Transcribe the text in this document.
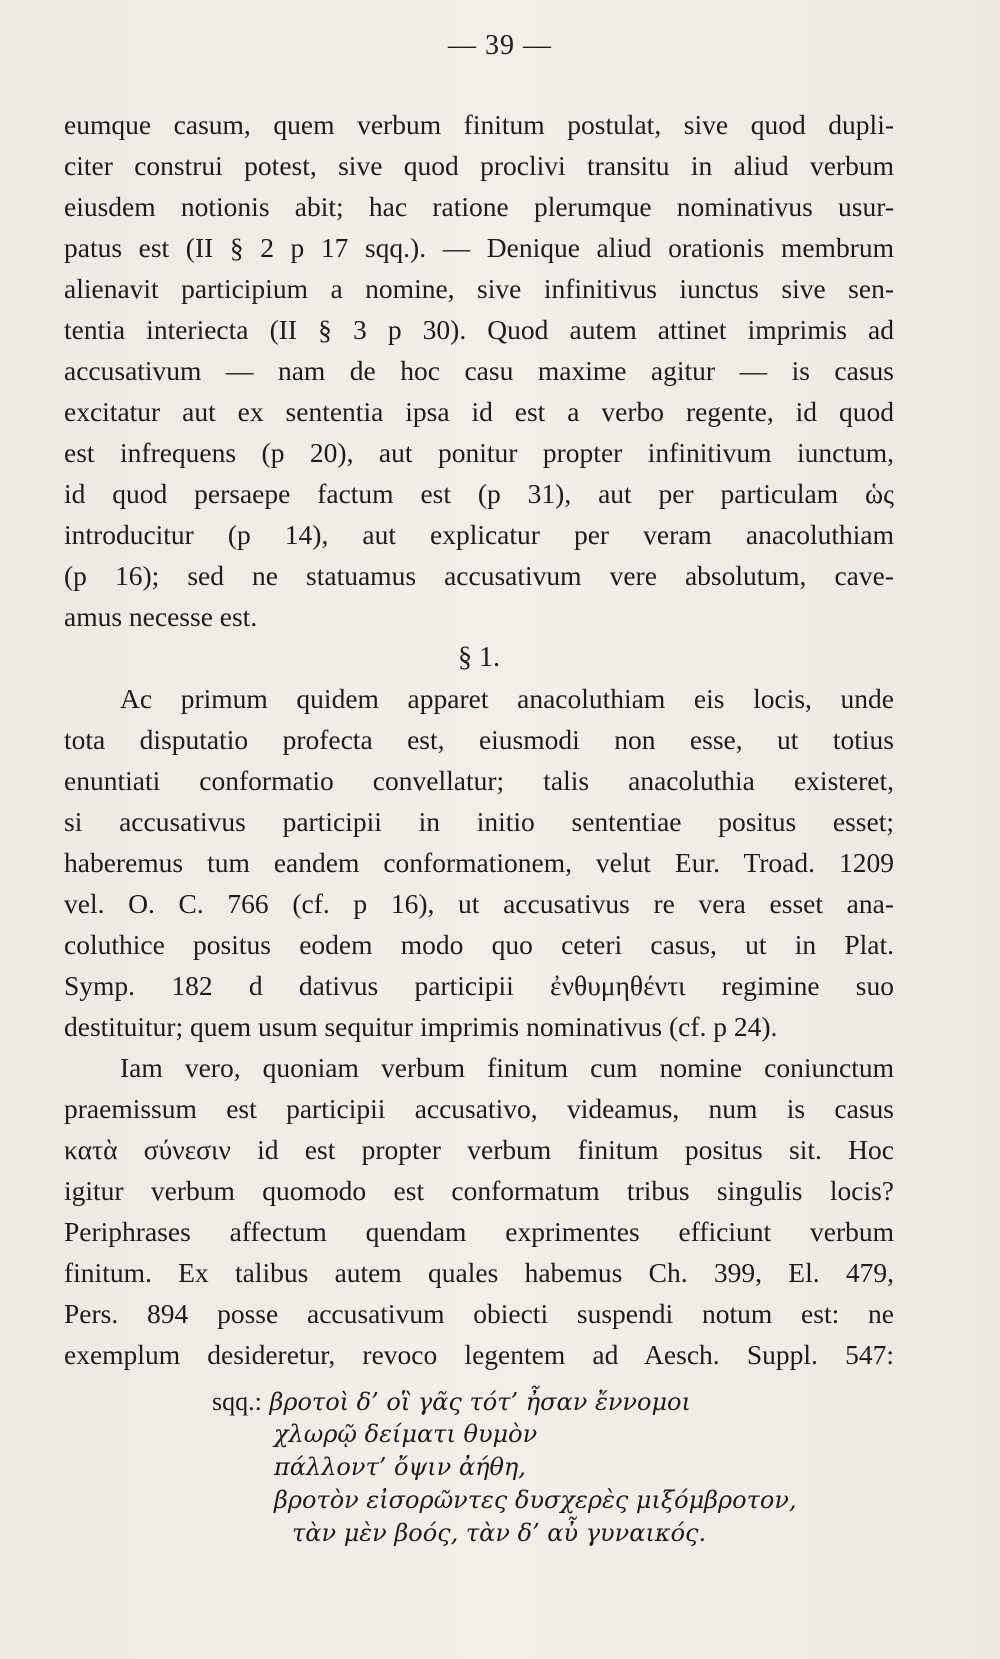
— 39 —
eumque casum, quem verbum finitum postulat, sive quod dupli-
citer construi potest, sive quod proclivi transitu in aliud verbum
eiusdem notionis abit; hac ratione plerumque nominativus usur-
patus est (II § 2 p 17 sqq.). — Denique aliud orationis membrum
alienavit participium a nomine, sive infinitivus iunctus sive sen-
tentia interiecta (II § 3 p 30). Quod autem attinet imprimis ad
accusativum — nam de hoc casu maxime agitur — is casus
excitatur aut ex sententia ipsa id est a verbo regente, id quod
est infrequens (p 20), aut ponitur propter infinitivum iunctum,
id quod persaepe factum est (p 31), aut per particulam ὡς
introducitur (p 14), aut explicatur per veram anacoluthiam
(p 16); sed ne statuamus accusativum vere absolutum, cave-
amus necesse est.
§ 1.
Ac primum quidem apparet anacoluthiam eis locis, unde
tota disputatio profecta est, eiusmodi non esse, ut totius
enuntiati conformatio convellatur; talis anacoluthia existeret,
si accusativus participii in initio sententiae positus esset;
haberemus tum eandem conformationem, velut Eur. Troad. 1209
vel. O. C. 766 (cf. p 16), ut accusativus re vera esset ana-
coluthice positus eodem modo quo ceteri casus, ut in Plat.
Symp. 182 d dativus participii ἐνθυμηθέντι regimine suo
destituitur; quem usum sequitur imprimis nominativus (cf. p 24).
Iam vero, quoniam verbum finitum cum nomine coniunctum
praemissum est participii accusativo, videamus, num is casus
κατὰ σύνεσιν id est propter verbum finitum positus sit. Hoc
igitur verbum quomodo est conformatum tribus singulis locis?
Periphrases affectum quendam exprimentes efficiunt verbum
finitum. Ex talibus autem quales habemus Ch. 399, El. 479,
Pers. 894 posse accusativum obiecti suspendi notum est: ne
exemplum desideretur, revoco legentem ad Aesch. Suppl. 547:
sqq.: βροτοὶ δ’ οἳ γᾶς τότ’ ἦσαν ἔννομοι
χλωρῷ δείματι θυμὸν
πάλλοντ’ ὄψιν ἀήθη,
βροτὸν εἰσορῶντες δυσχερὲς μιξόμβροτον,
τὰν μὲν βοός, τὰν δ’ αὖ γυναικός.
